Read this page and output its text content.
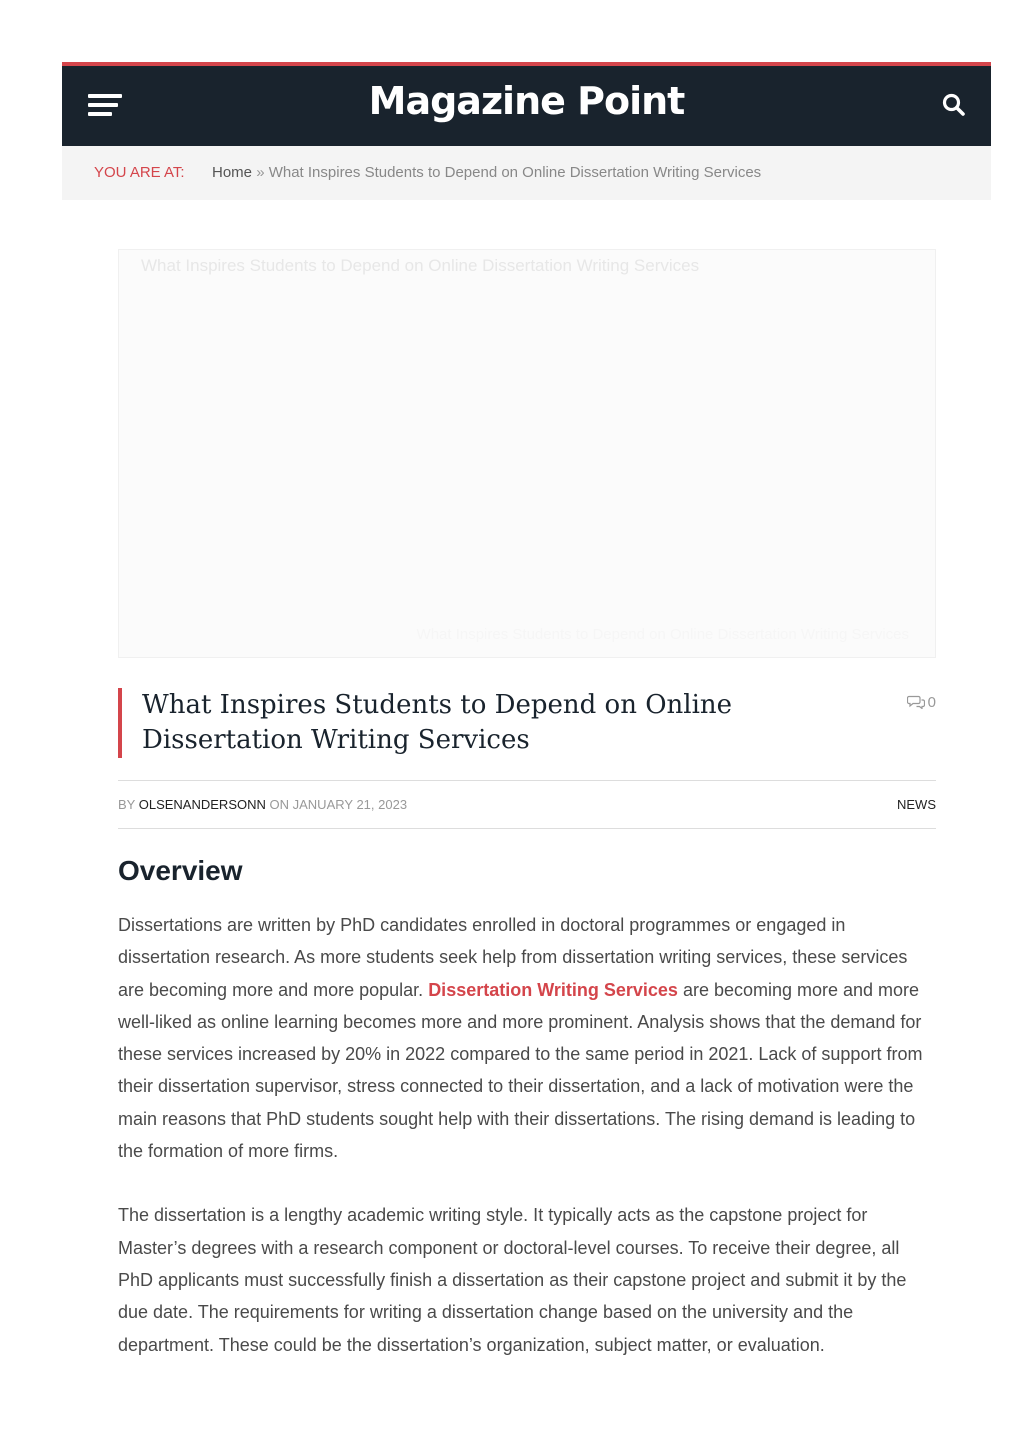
Magazine Point
YOU ARE AT: Home » What Inspires Students to Depend on Online Dissertation Writing Services
What Inspires Students to Depend on Online Dissertation Writing Services
What Inspires Students to Depend on Online Dissertation Writing Services
What Inspires Students to Depend on Online Dissertation Writing Services
0
BY OLSENANDERSONN ON JANUARY 21, 2023	NEWS
Overview

Dissertations are written by PhD candidates enrolled in doctoral programmes or engaged in dissertation research. As more students seek help from dissertation writing services, these services are becoming more and more popular. Dissertation Writing Services are becoming more and more well-liked as online learning becomes more and more prominent. Analysis shows that the demand for these services increased by 20% in 2022 compared to the same period in 2021. Lack of support from their dissertation supervisor, stress connected to their dissertation, and a lack of motivation were the main reasons that PhD students sought help with their dissertations. The rising demand is leading to the formation of more firms.

The dissertation is a lengthy academic writing style. It typically acts as the capstone project for Master’s degrees with a research component or doctoral-level courses. To receive their degree, all PhD applicants must successfully finish a dissertation as their capstone project and submit it by the due date. The requirements for writing a dissertation change based on the university and the department. These could be the dissertation’s organization, subject matter, or evaluation.
